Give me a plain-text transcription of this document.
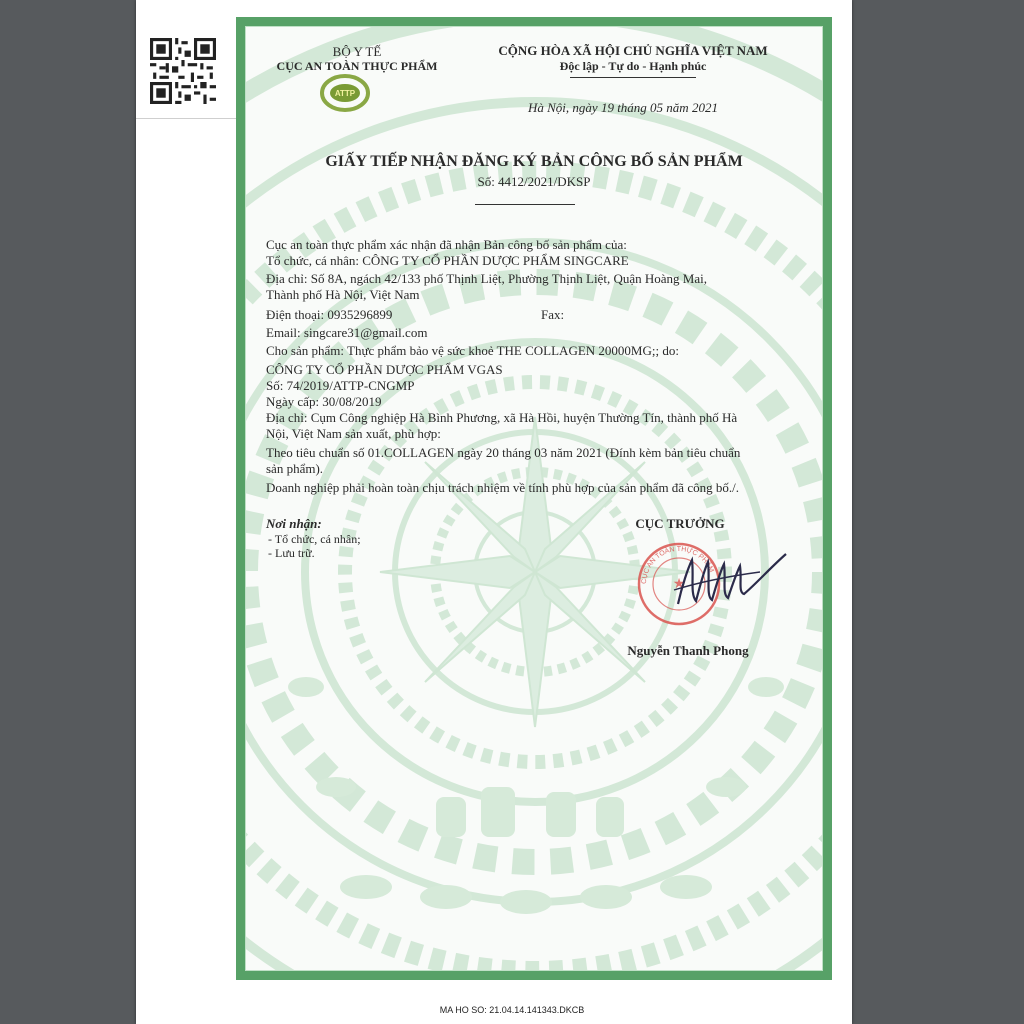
ATTP
BỘ Y TẾ
CỤC AN TOÀN THỰC PHẨM
CỘNG HÒA XÃ HỘI CHỦ NGHĨA VIỆT NAM
Độc lập - Tự do - Hạnh phúc
Hà Nội, ngày 19 tháng 05 năm 2021
GIẤY TIẾP NHẬN ĐĂNG KÝ BẢN CÔNG BỐ SẢN PHẨM
Số: 4412/2021/DKSP
Cục an toàn thực phẩm xác nhận đã nhận Bản công bố sản phẩm của:
Tổ chức, cá nhân: CÔNG TY CỔ PHẦN DƯỢC PHẨM SINGCARE
Địa chỉ: Số 8A, ngách 42/133 phố Thịnh Liệt, Phường Thịnh Liệt, Quận Hoàng Mai,
Thành phố Hà Nội, Việt Nam
Điện thoại: 0935296899	Fax:
Email: singcare31@gmail.com
Cho sản phẩm: Thực phẩm bảo vệ sức khoẻ THE COLLAGEN 20000MG;; do:
CÔNG TY CỔ PHẦN DƯỢC PHẨM VGAS
Số: 74/2019/ATTP-CNGMP
Ngày cấp: 30/08/2019
Địa chỉ: Cụm Công nghiệp Hà Bình Phương, xã Hà Hồi, huyện Thường Tín, thành phố Hà
Nội, Việt Nam sản xuất, phù hợp:
Theo tiêu chuẩn số 01.COLLAGEN ngày 20 tháng 03 năm 2021 (Đính kèm bản tiêu chuẩn
sản phẩm).
Doanh nghiệp phải hoàn toàn chịu trách nhiệm về tính phù hợp của sản phẩm đã công bố./.
Nơi nhận:
- Tổ chức, cá nhân;
- Lưu trữ.
CỤC TRƯỞNG
CỤC AN TOÀN THỰC PHẨM
★
Nguyễn Thanh Phong
MA HO SO: 21.04.14.141343.DKCB
